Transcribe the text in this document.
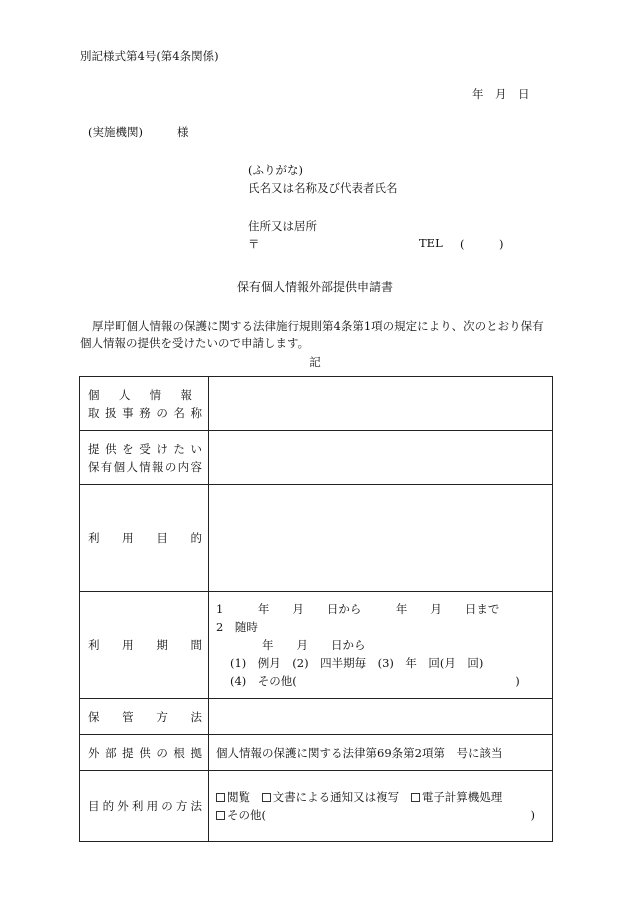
別記様式第4号(第4条関係)
年　月　日
(実施機関)	様
(ふりがな)
氏名又は名称及び代表者氏名
住所又は居所
〒	TEL (　　　)
保有個人情報外部提供申請書
厚岸町個人情報の保護に関する法律施行規則第4条第1項の規定により、次のとおり保有個人情報の提供を受けたいので申請します。
記
個人情報
取扱事務の名称	

提供を受けたい
保有個人情報の内容	

利用目的	

利用期間	1　　　年　　月　　日から　　　年　　月　　日まで
2　随時
　　　　年　　月　　日から
(1)　例月　(2)　四半期毎　(3)　年　回(月　回)
(4)　その他(　　　　　　　　　　　　　　　　　　　)

保管方法	

外部提供の根拠	個人情報の保護に関する法律第69条第2項第　号に該当

目的外利用の方法	閲覧 文書による通知又は複写 電子計算機処理
その他(　　　　　　　　　　　　　　　　　　　　　　　)
